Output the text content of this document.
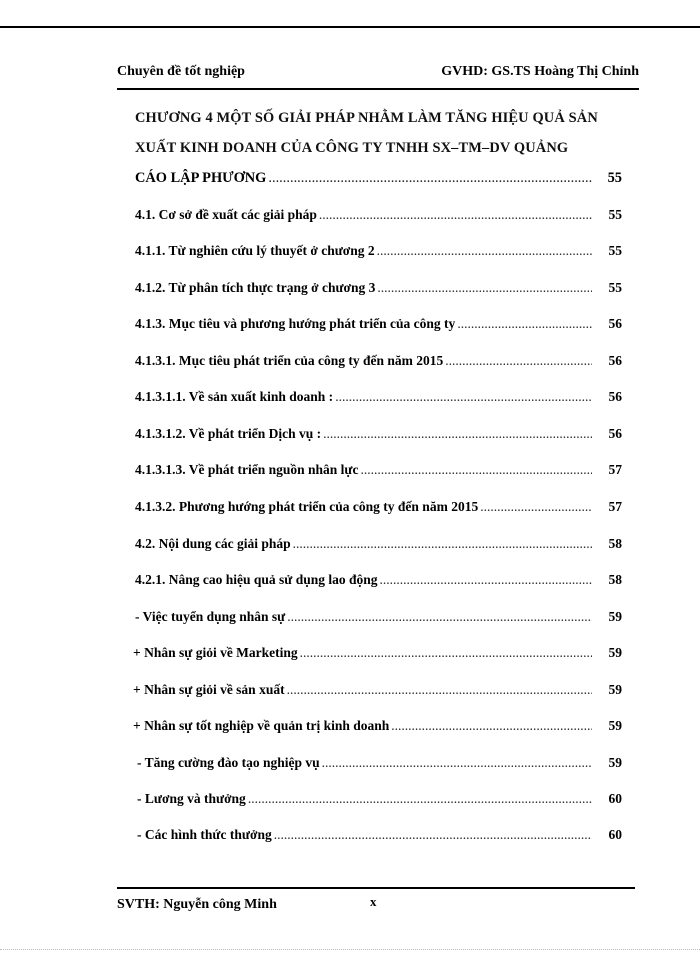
Chuyên đề tốt nghiệp	GVHD: GS.TS Hoàng Thị Chỉnh
CHƯƠNG 4 MỘT SỐ GIẢI PHÁP NHẰM LÀM TĂNG HIỆU QUẢ SẢN
XUẤT KINH DOANH CỦA CÔNG TY TNHH SX–TM–DV QUẢNG
CÁO LẬP PHƯƠNG .....	55
4.1. Cơ sở đề xuất các giải pháp .....	55
4.1.1. Từ nghiên cứu lý thuyết ở chương 2 .....	55
4.1.2. Từ phân tích thực trạng ở chương 3 .....	55
4.1.3. Mục tiêu và phương hướng phát triển của công ty .....	56
4.1.3.1. Mục tiêu phát triển của công ty đến năm 2015 .....	56
4.1.3.1.1. Về sản xuất kinh doanh : .....	56
4.1.3.1.2. Về phát triển Dịch vụ : .....	56
4.1.3.1.3. Về phát triển nguồn nhân lực .....	57
4.1.3.2. Phương hướng phát triển của công ty đến năm 2015 .....	57
4.2. Nội dung các giải pháp .....	58
4.2.1. Nâng cao hiệu quả sử dụng lao động .....	58
- Việc tuyển dụng nhân sự .....	59
+ Nhân sự giỏi về Marketing .....	59
+ Nhân sự giỏi về sản xuất .....	59
+ Nhân sự tốt nghiệp về quản trị kinh doanh .....	59
- Tăng cường đào tạo nghiệp vụ .....	59
- Lương và thưởng .....	60
- Các hình thức thưởng .....	60
SVTH: Nguyễn công Minh	x
